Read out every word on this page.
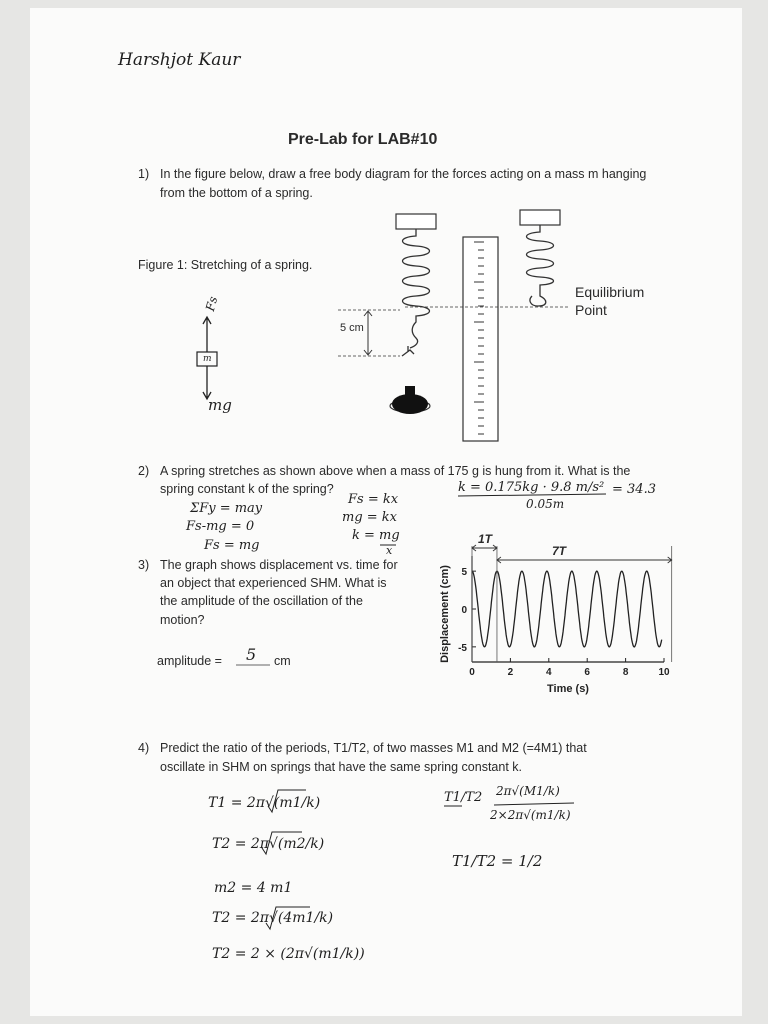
Harshjot Kaur
Pre-Lab for LAB#10
1) In the figure below, draw a free body diagram for the forces acting on a mass m hanging
from the bottom of a spring.
Figure 1: Stretching of a spring.
Equilibrium
Point
5 cm
mg
Fs
m
2) A spring stretches as shown above when a mass of 175 g is hung from it. What is the
spring constant k of the spring?
ΣFy = may
Fs-mg = 0
Fs = mg
Fs = kx
mg = kx
k = mg
x
k = 0.175kg · 9.8 m/s²
0.05m
= 34.3
3) The graph shows displacement vs. time for
an object that experienced SHM. What is
the amplitude of the oscillation of the
motion?
amplitude = 5 cm
1T
7T
4) Predict the ratio of the periods, T1/T2, of two masses M1 and M2 (=4M1) that
oscillate in SHM on springs that have the same spring constant k.
T1 = 2π√(m1/k)
T2 = 2π√(m2/k)
m2 = 4 m1
T2 = 2π√(4m1/k)
T2 = 2 × (2π√(m1/k))
T1/T2 2π√(M1/k)
2×2π√(m1/k)
T1/T2 = 1/2
0	2	4	6	8	10
-5
0
5
Time (s)
Displacement (cm)
